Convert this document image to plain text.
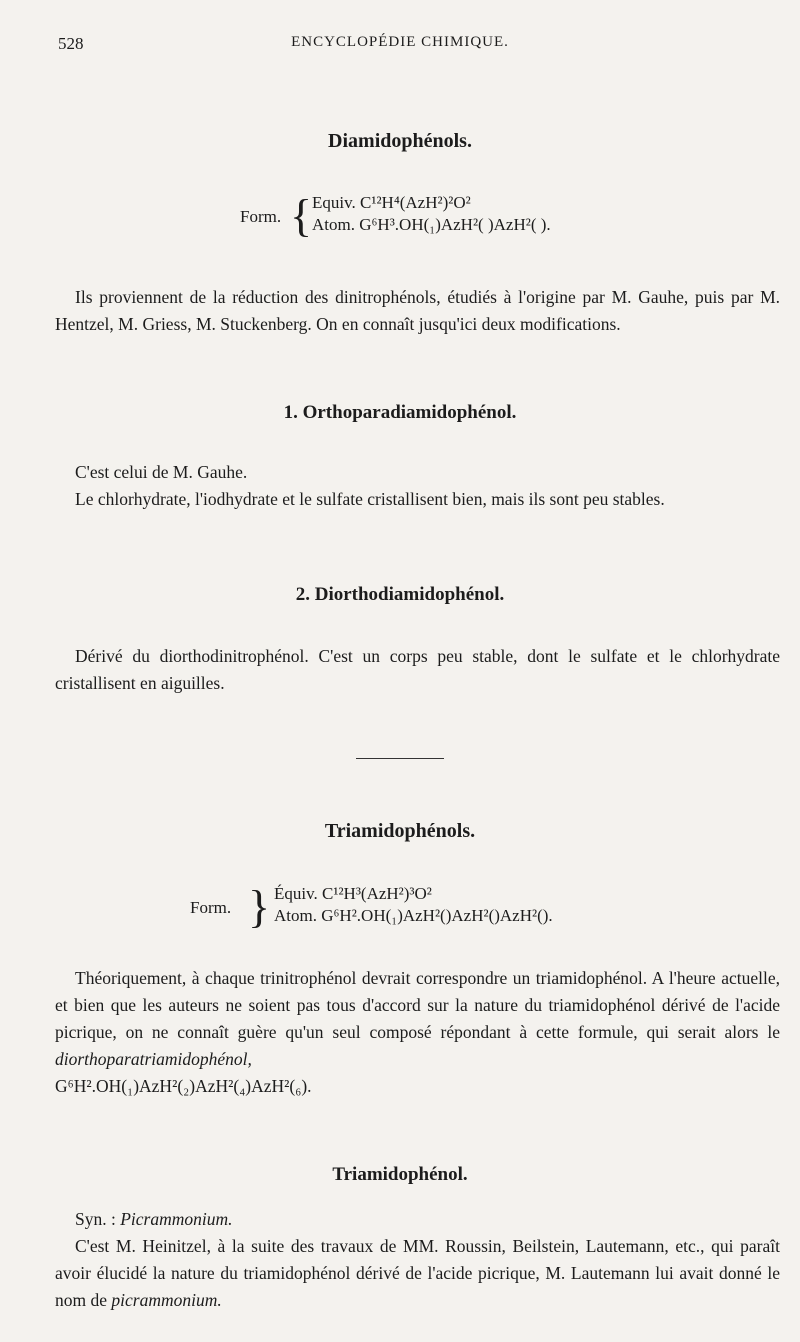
528	ENCYCLOPÉDIE CHIMIQUE.
Diamidophénols.
Form. { Equiv. C¹²H⁴(AzH²)²O²
Atom. G⁶H³.OH(₁)AzH²( )AzH²( ).

Ils proviennent de la réduction des dinitrophénols, étudiés à l'origine par M. Gauhe, puis par M. Hentzel, M. Griess, M. Stuckenberg. On en connaît jusqu'ici deux modifications.

1. Orthoparadiamidophénol.

C'est celui de M. Gauhe.

Le chlorhydrate, l'iodhydrate et le sulfate cristallisent bien, mais ils sont peu stables.

2. Diorthodiamidophénol.

Dérivé du diorthodinitrophénol. C'est un corps peu stable, dont le sulfate et le chlorhydrate cristallisent en aiguilles.

Triamidophénols.
Form. } Équiv. C¹²H³(AzH²)³O²
Atom. G⁶H².OH(₁)AzH²()AzH²()AzH²().

Théoriquement, à chaque trinitrophénol devrait correspondre un triamidophénol. A l'heure actuelle, et bien que les auteurs ne soient pas tous d'accord sur la nature du triamidophénol dérivé de l'acide picrique, on ne connaît guère qu'un seul composé répondant à cette formule, qui serait alors le diorthoparatriamidophénol,
G⁶H².OH(₁)AzH²(₂)AzH²(₄)AzH²(₆).

Triamidophénol.

Syn. : Picrammonium.

C'est M. Heinitzel, à la suite des travaux de MM. Roussin, Beilstein, Lautemann, etc., qui paraît avoir élucidé la nature du triamidophénol dérivé de l'acide picrique, M. Lautemann lui avait donné le nom de picrammonium.
